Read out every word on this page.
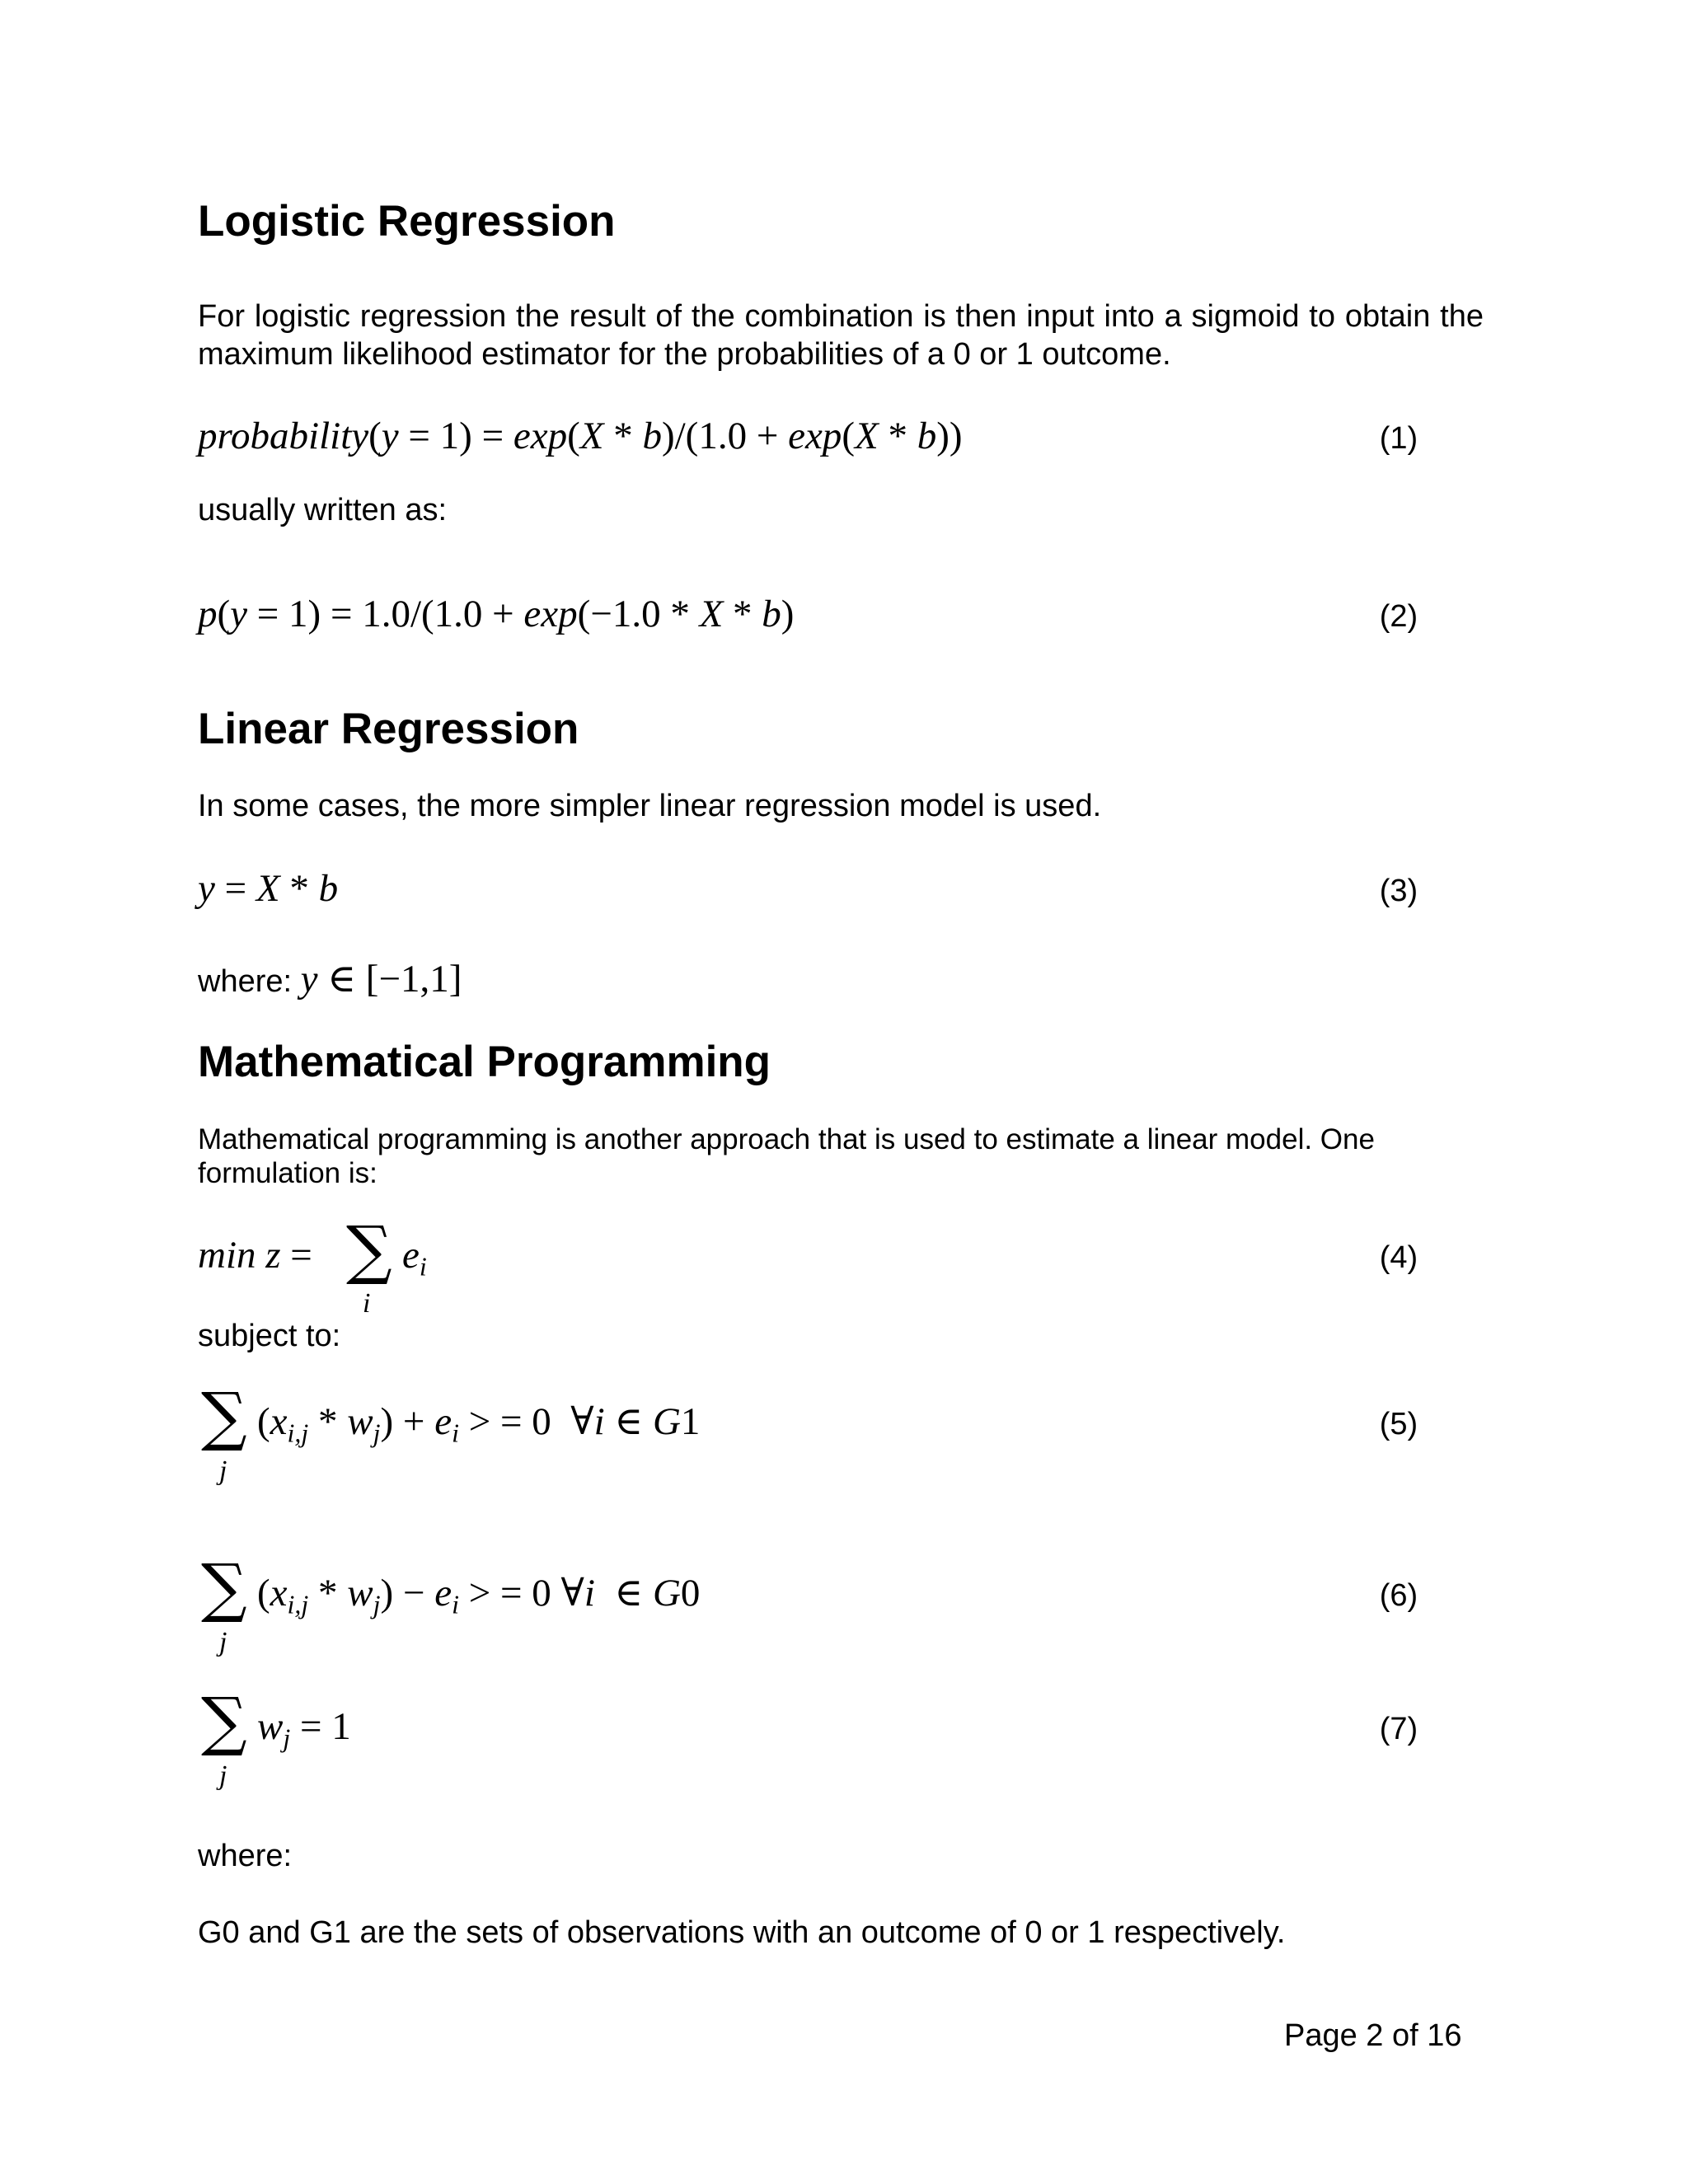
Logistic Regression

For logistic regression the result of the combination is then input into a sigmoid to obtain the maximum likelihood estimator for the probabilities of a 0 or 1 outcome.

probability(y = 1) = exp(X * b)/(1.0 + exp(X * b))	(1)

usually written as:

p(y = 1) = 1.0/(1.0 + exp(−1.0 * X * b)	(2)
Linear Regression

In some cases, the more simpler linear regression model is used.

y = X * b	(3)

where: y ∈ [−1,1]

Mathematical Programming

Mathematical programming is another approach that is used to estimate a linear model. One formulation is:

min z = ∑ $e_i$
i
(4)

subject to:

∑ $(x_{i,j} * w_j) + e_i$ > = 0  ∀i ∈ G1
j
(5)
∑ $(x_{i,j} * w_j) - e_i$ > = 0 ∀i  ∈ G0
j
(6)
∑ $w_j = 1$
j
(7)

where:

G0 and G1 are the sets of observations with an outcome of 0 or 1 respectively.

Page 2 of 16
